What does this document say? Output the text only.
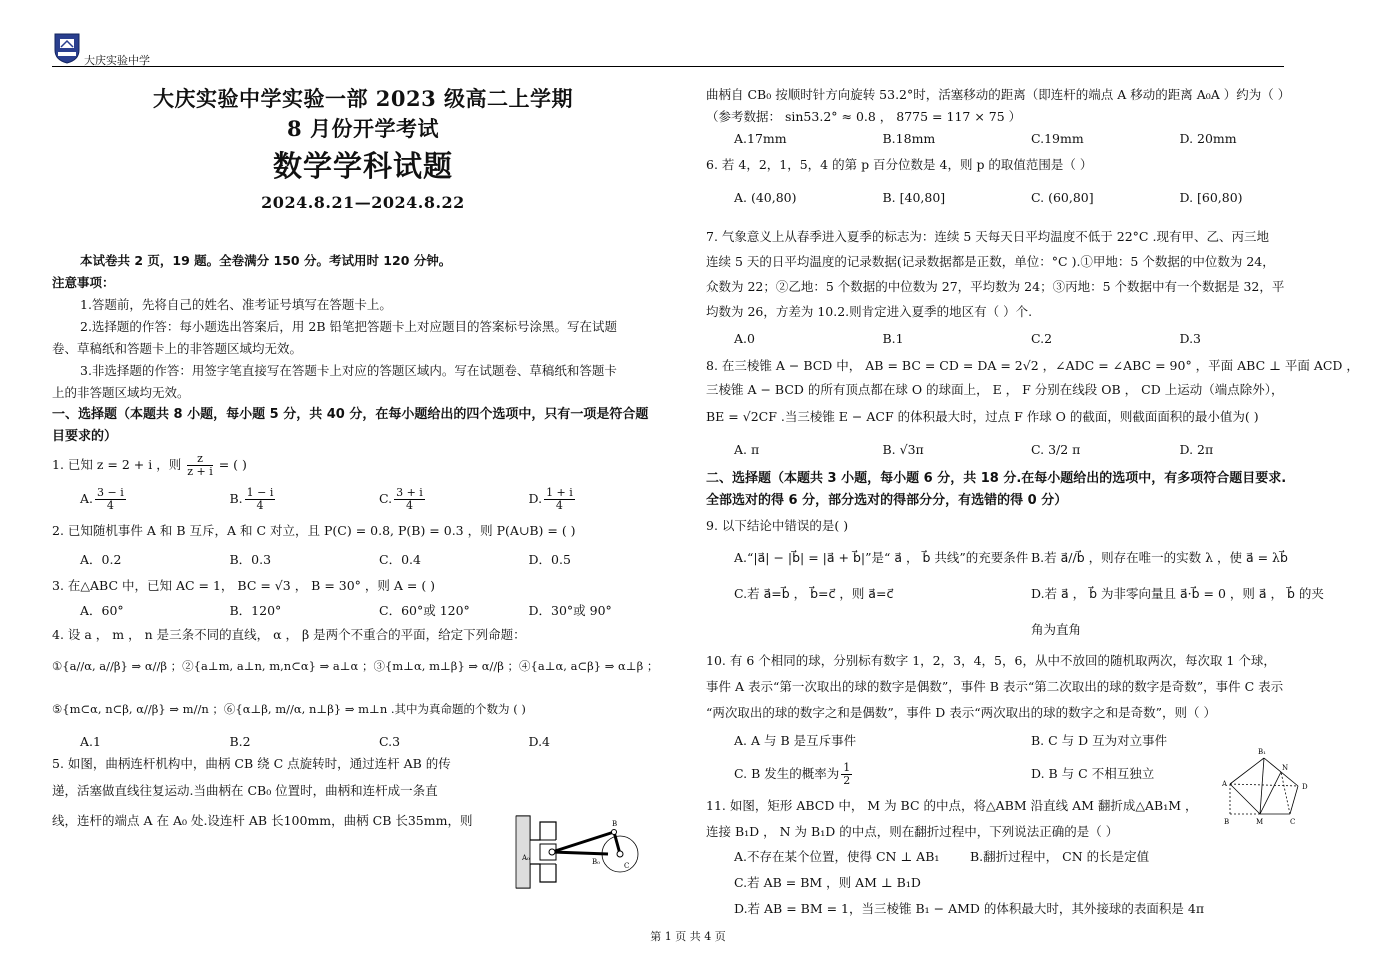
大庆实验中学
大庆实验中学实验一部 2023 级高二上学期
8 月份开学考试
数学学科试题
2024.8.21—2024.8.22

本试卷共 2 页，19 题。全卷满分 150 分。考试用时 120 分钟。

注意事项：

1.答题前，先将自己的姓名、准考证号填写在答题卡上。

2.选择题的作答：每小题选出答案后，用 2B 铅笔把答题卡上对应题目的答案标号涂黑。写在试题

卷、草稿纸和答题卡上的非答题区域均无效。

3.非选择题的作答：用签字笔直接写在答题卡上对应的答题区域内。写在试题卷、草稿纸和答题卡

上的非答题区域均无效。

一、选择题（本题共 8 小题，每小题 5 分，共 40 分，在每小题给出的四个选项中，只有一项是符合题

目要求的）

1. 已知 z = 2 + i ，则 $\frac{z}{z + i}$ = ( )

A. $\frac{3 - i}{4}$	B. $\frac{1 - i}{4}$	C. $\frac{3 + i}{4}$	D. $\frac{1 + i}{4}$

2. 已知随机事件 A 和 B 互斥，A 和 C 对立，且 P(C) = 0.8, P(B) = 0.3 ，则 P(A∪B) = ( )

A．0.2	B．0.3	C．0.4	D．0.5

3. 在△ABC 中，已知 AC = 1， BC = √3 ， B = 30° ，则 A = ( )

A．60°	B．120°	C．60°或 120°	D．30°或 90°

4. 设 a ， m ， n 是三条不同的直线， α ， β 是两个不重合的平面，给定下列命题：

①{a//α, a//β} ⇒ α//β ；②{a⊥m, a⊥n, m,n⊂α} ⇒ a⊥α ；③{m⊥α, m⊥β} ⇒ α//β ；④{a⊥α, a⊂β} ⇒ α⊥β ；

⑤{m⊂α, n⊂β, α//β} ⇒ m//n ；⑥{α⊥β, m//α, n⊥β} ⇒ m⊥n .其中为真命题的个数为 ( )

A.1	B.2	C.3	D.4

5. 如图，曲柄连杆机构中，曲柄 CB 绕 C 点旋转时，通过连杆 AB 的传

递，活塞做直线往复运动.当曲柄在 CB₀ 位置时，曲柄和连杆成一条直

线，连杆的端点 A 在 A₀ 处.设连杆 AB 长100mm，曲柄 CB 长35mm，则

A₀	B₀
B
C

曲柄自 CB₀ 按顺时针方向旋转 53.2°时，活塞移动的距离（即连杆的端点 A 移动的距离 A₀A ）约为（ ）

（参考数据： sin53.2° ≈ 0.8 ， 8775 = 117 × 75 ）

A.17mm	B.18mm	C.19mm	D. 20mm

6. 若 4，2，1，5，4 的第 p 百分位数是 4，则 p 的取值范围是（ ）

A. (40,80)	B. [40,80]	C. (60,80]	D. [60,80)

7. 气象意义上从春季进入夏季的标志为：连续 5 天每天日平均温度不低于 22°C .现有甲、乙、丙三地

连续 5 天的日平均温度的记录数据(记录数据都是正数，单位：°C ).①甲地：5 个数据的中位数为 24，

众数为 22；②乙地：5 个数据的中位数为 27，平均数为 24；③丙地：5 个数据中有一个数据是 32，平

均数为 26，方差为 10.2.则肯定进入夏季的地区有（ ）个.

A.0	B.1	C.2	D.3

8. 在三棱锥 A − BCD 中， AB = BC = CD = DA = 2√2 ，∠ADC = ∠ABC = 90° ，平面 ABC ⊥ 平面 ACD ，

三棱锥 A − BCD 的所有顶点都在球 O 的球面上， E ， F 分别在线段 OB ， CD 上运动（端点除外），

BE = √2CF .当三棱锥 E − ACF 的体积最大时，过点 F 作球 O 的截面，则截面面积的最小值为( )

A. π	B. √3π	C. 3/2 π	D. 2π

二、选择题（本题共 3 小题，每小题 6 分，共 18 分.在每小题给出的选项中，有多项符合题目要求.

全部选对的得 6 分，部分选对的得部分分，有选错的得 0 分）

9. 以下结论中错误的是( )

A.“|a⃗| − |b⃗| = |a⃗ + b⃗|”是“ a⃗ ， b⃗ 共线”的充要条件 B.若 a⃗//b⃗ ，则存在唯一的实数 λ ，使 a⃗ = λb⃗
C.若 a⃗=b⃗ ， b⃗=c⃗ ，则 a⃗=c⃗	D.若 a⃗ ， b⃗ 为非零向量且 a⃗·b⃗ = 0 ，则 a⃗ ， b⃗ 的夹角为直角

10. 有 6 个相同的球，分别标有数字 1，2，3，4，5，6，从中不放回的随机取两次，每次取 1 个球，

事件 A 表示“第一次取出的球的数字是偶数”，事件 B 表示“第二次取出的球的数字是奇数”，事件 C 表示

“两次取出的球的数字之和是偶数”，事件 D 表示“两次取出的球的数字之和是奇数”，则（ ）

A. A 与 B 是互斥事件	B. C 与 D 互为对立事件
C. B 发生的概率为 $\frac{1}{2}$	D. B 与 C 不相互独立

11. 如图，矩形 ABCD 中， M 为 BC 的中点，将△ABM 沿直线 AM 翻折成△AB₁M ，

连接 B₁D ， N 为 B₁D 的中点，则在翻折过程中，下列说法正确的是（ ）

A.不存在某个位置，使得 CN ⊥ AB₁	B.翻折过程中， CN 的长是定值

C.若 AB = BM ，则 AM ⊥ B₁D

D.若 AB = BM = 1，当三棱锥 B₁ − AMD 的体积最大时，其外接球的表面积是 4π

B₁
N
A	D
B	M	C
第 1 页 共 4 页
